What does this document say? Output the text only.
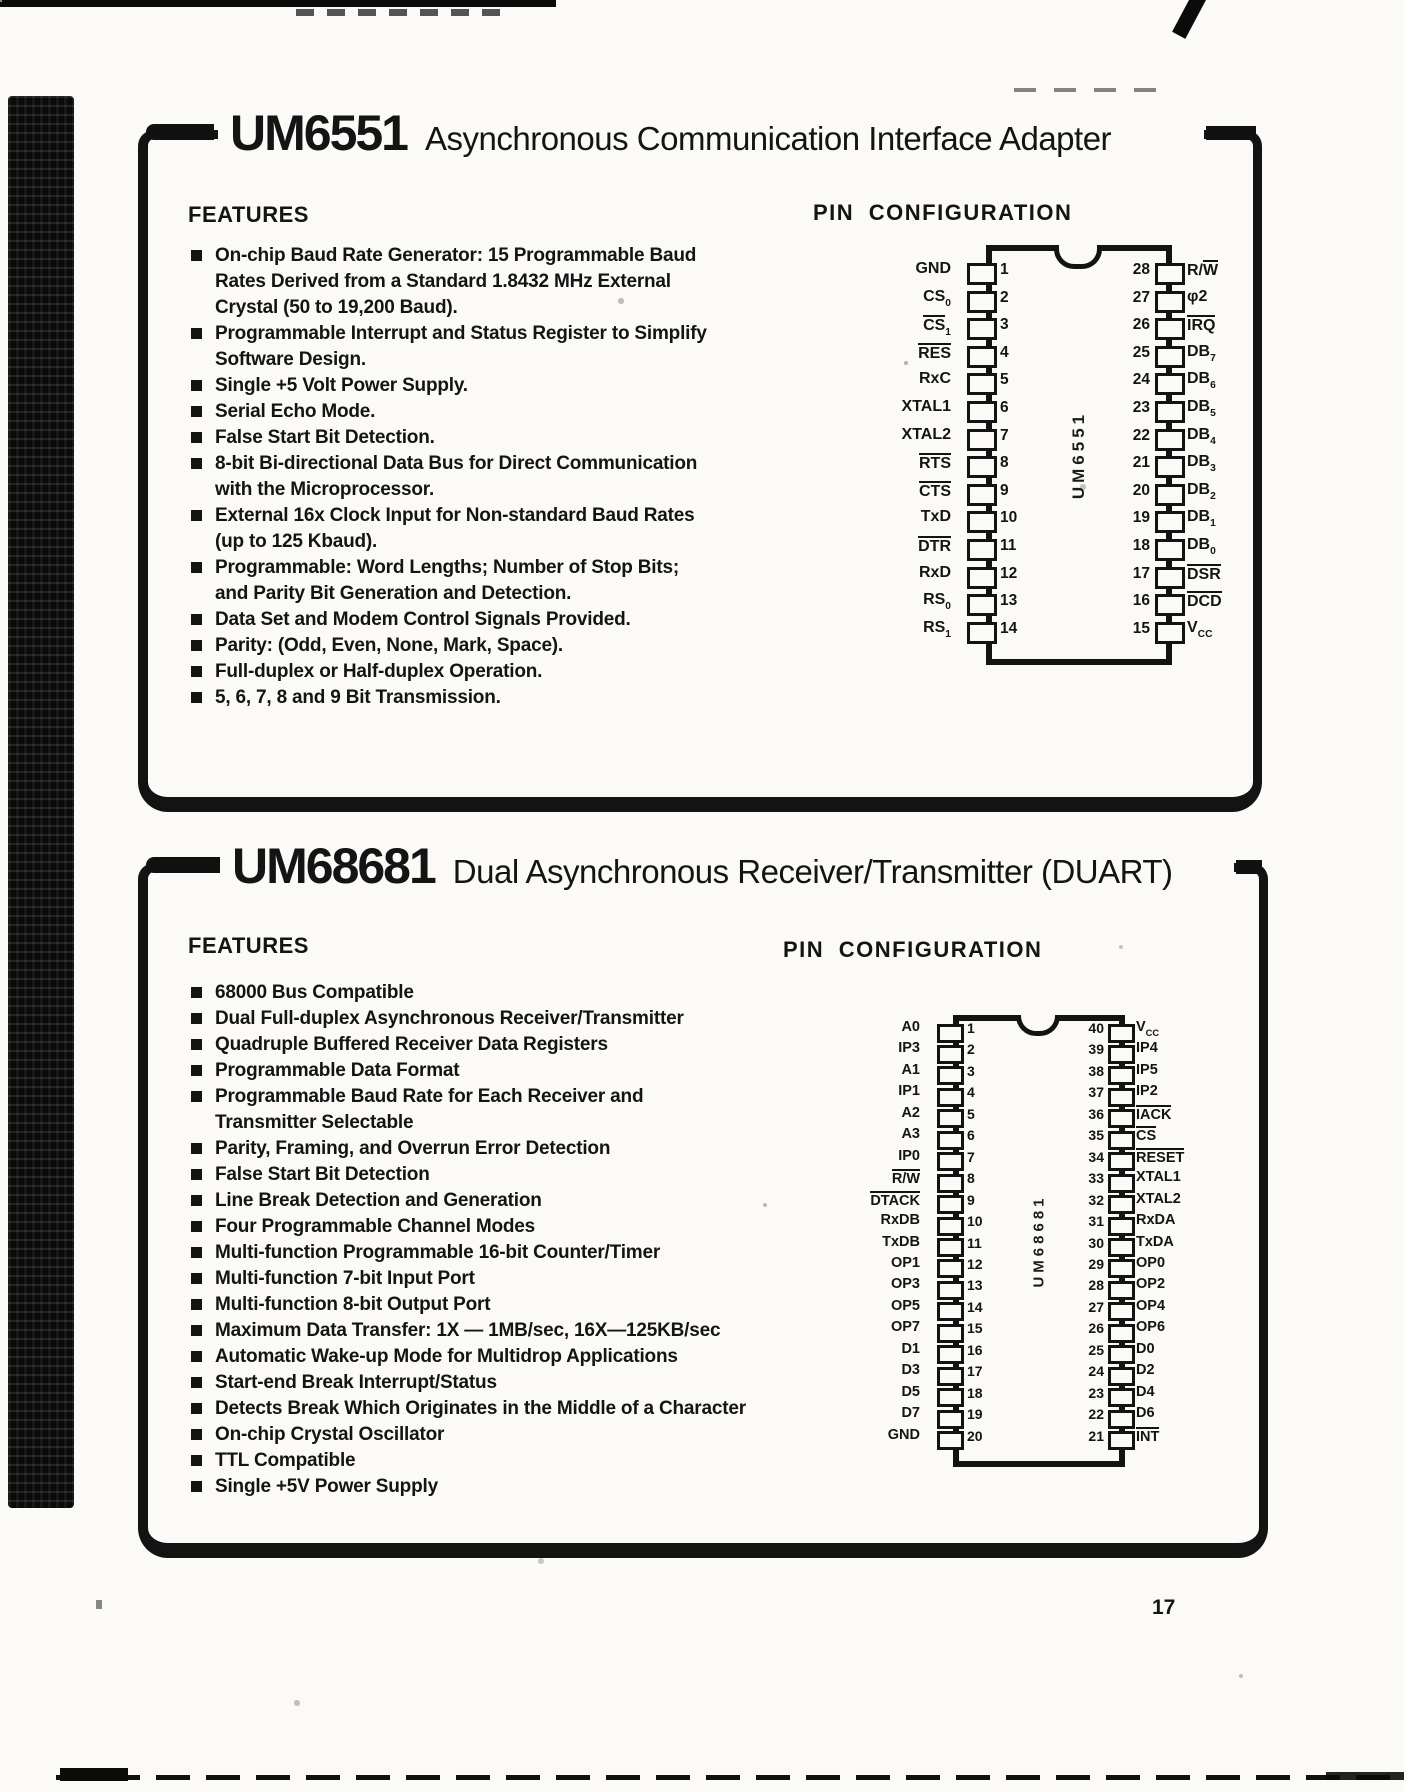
UM6551 Asynchronous Communication Interface Adapter
FEATURES	PIN CONFIGURATION
On-chip Baud Rate Generator: 15 Programmable Baud
Rates Derived from a Standard 1.8432 MHz External
Crystal (50 to 19,200 Baud).
Programmable Interrupt and Status Register to Simplify
Software Design.
Single +5 Volt Power Supply.
Serial Echo Mode.
False Start Bit Detection.
8-bit Bi-directional Data Bus for Direct Communication
with the Microprocessor.
External 16x Clock Input for Non-standard Baud Rates
(up to 125 Kbaud).
Programmable: Word Lengths; Number of Stop Bits;
and Parity Bit Generation and Detection.
Data Set and Modem Control Signals Provided.
Parity: (Odd, Even, None, Mark, Space).
Full-duplex or Half-duplex Operation.
5, 6, 7, 8 and 9 Bit Transmission.
UM6551
GND	1	28 R/W
$CS_0$	2	27 φ2
$CS_1$	3	26 IRQ
RES	4	25 $DB_7$
RxC	5	24 $DB_6$
XTAL1	6	23 $DB_5$
XTAL2	7	22 $DB_4$
RTS	8	21 $DB_3$
CTS	9	20 $DB_2$
TxD	10	19 $DB_1$
DTR	11	18 $DB_0$
RxD	12	17 DSR
$RS_0$	13	16 DCD
$RS_1$	14	15 $V_{CC}$
UM68681 Dual Asynchronous Receiver/Transmitter (DUART)
FEATURES	PIN CONFIGURATION
68000 Bus Compatible
Dual Full-duplex Asynchronous Receiver/Transmitter
Quadruple Buffered Receiver Data Registers
Programmable Data Format
Programmable Baud Rate for Each Receiver and
Transmitter Selectable
Parity, Framing, and Overrun Error Detection
False Start Bit Detection
Line Break Detection and Generation
Four Programmable Channel Modes
Multi-function Programmable 16-bit Counter/Timer
Multi-function 7-bit Input Port
Multi-function 8-bit Output Port
Maximum Data Transfer: 1X — 1MB/sec, 16X—125KB/sec
Automatic Wake-up Mode for Multidrop Applications
Start-end Break Interrupt/Status
Detects Break Which Originates in the Middle of a Character
On-chip Crystal Oscillator
TTL Compatible
Single +5V Power Supply
UM68681
A0	1	40 $V_{CC}$
IP3	2	39 IP4
A1	3	38 IP5
IP1	4	37 IP2
A2	5	36 IACK
A3	6	35 CS
IP0	7	34 RESET
R/W	8	33 XTAL1
DTACK	9	32 XTAL2
RxDB	10	31 RxDA
TxDB	11	30 TxDA
OP1	12	29 OP0
OP3	13	28 OP2
OP5	14	27 OP4
OP7	15	26 OP6
D1	16	25 D0
D3	17	24 D2
D5	18	23 D4
D7	19	22 D6
GND	20	21 INT
17
